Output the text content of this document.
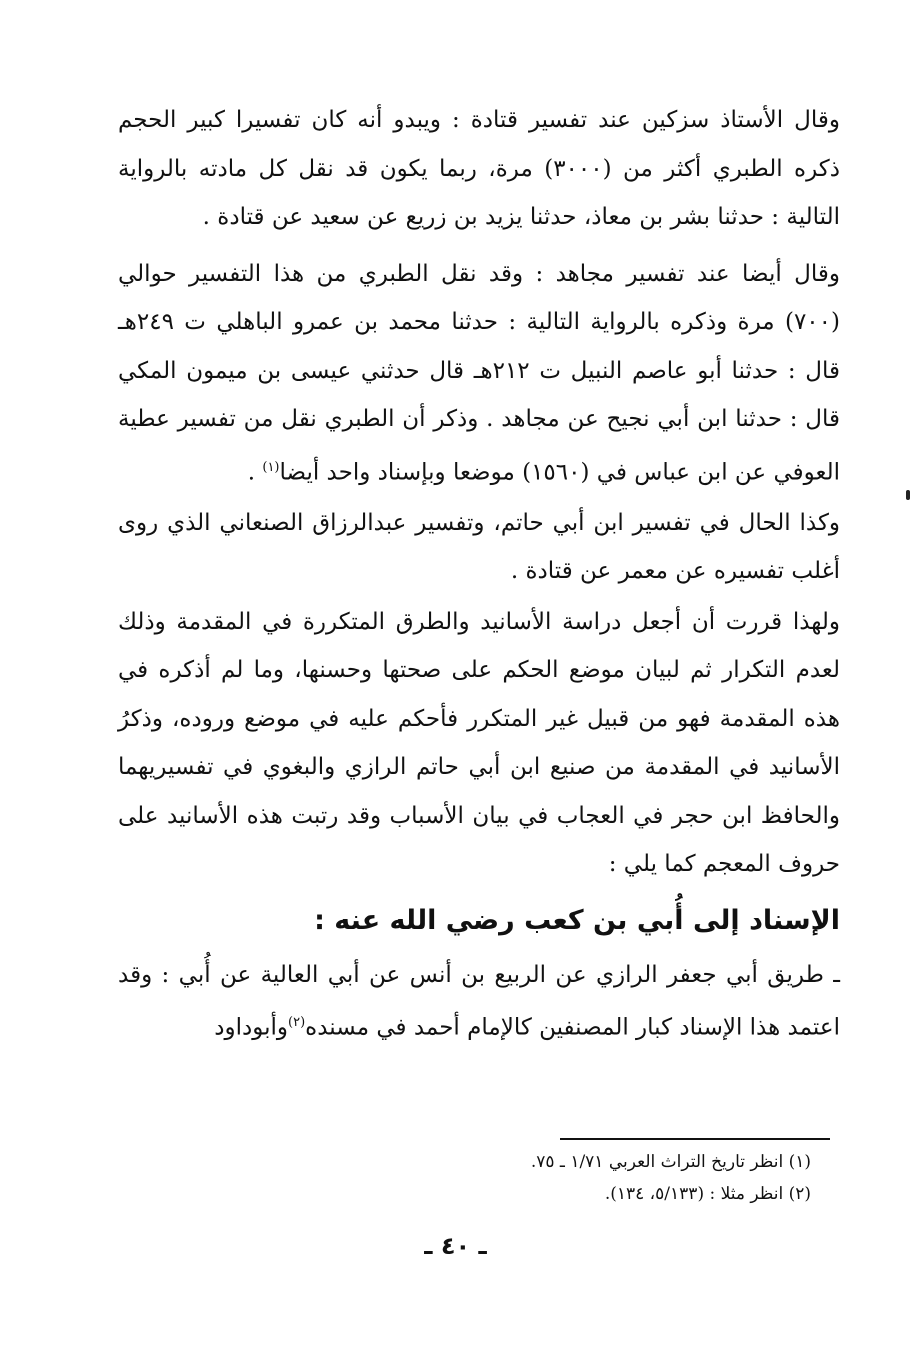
وقال الأستاذ سزكين عند تفسير قتادة : ويبدو أنه كان تفسيرا كبير الحجم ذكره الطبري أكثر من (٣٠٠٠) مرة، ربما يكون قد نقل كل مادته بالرواية التالية : حدثنا بشر بن معاذ، حدثنا يزيد بن زريع عن سعيد عن قتادة .

وقال أيضا عند تفسير مجاهد : وقد نقل الطبري من هذا التفسير حوالي (٧٠٠) مرة وذكره بالرواية التالية : حدثنا محمد بن عمرو الباهلي ت ٢٤٩هـ قال : حدثنا أبو عاصم النبيل ت ٢١٢هـ قال حدثني عيسى بن ميمون المكي قال : حدثنا ابن أبي نجيح عن مجاهد . وذكر أن الطبري نقل من تفسير عطية العوفي عن ابن عباس في (١٥٦٠) موضعا وبإسناد واحد أيضا$^{(١)}$ .

وكذا الحال في تفسير ابن أبي حاتم، وتفسير عبدالرزاق الصنعاني الذي روى أغلب تفسيره عن معمر عن قتادة .

ولهذا قررت أن أجعل دراسة الأسانيد والطرق المتكررة في المقدمة وذلك لعدم التكرار ثم لبيان موضع الحكم على صحتها وحسنها، وما لم أذكره في هذه المقدمة فهو من قبيل غير المتكرر فأحكم عليه في موضع وروده، وذكرُ الأسانيد في المقدمة من صنيع ابن أبي حاتم الرازي والبغوي في تفسيريهما والحافظ ابن حجر في العجاب في بيان الأسباب وقد رتبت هذه الأسانيد على حروف المعجم كما يلي :

الإسناد إلى أُبي بن كعب رضي الله عنه :

ـ طريق أبي جعفر الرازي عن الربيع بن أنس عن أبي العالية عن أُبي : وقد اعتمد هذا الإسناد كبار المصنفين كالإمام أحمد في مسنده$^{(٢)}$وأبوداود

(١) انظر تاريخ التراث العربي ١/٧١ ـ ٧٥.

(٢) انظر مثلا : (٥/١٣٣، ١٣٤).

ـ ٤٠ ـ
